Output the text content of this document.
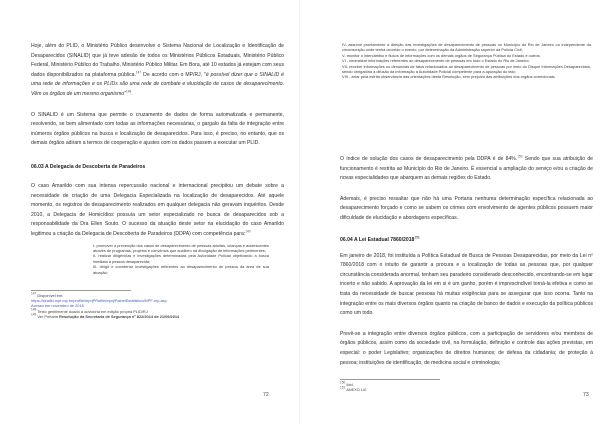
Hoje, além do PLID, o Ministério Público desenvolve o Sistema Nacional de Localização e Identificação de Desaparecidos (SINALID) que já teve adesão de todos os Ministérios Públicos Estaduais, Ministério Público Federal, Ministério Público do Trabalho, Ministério Público Militar. Em Bora, até 10 estados já estejam com seus dados disponibilizados na plataforma pública.$^{147}$ De acordo com o MP/RJ, "é possível dizer que o SINALID é uma rede de informações e os PLIDs são uma rede de combate e elucidação de casos de desaparecimento. Vêm os órgãos de um mesmo organismo"$^{148}$.

O SINALID é um Sistema que permite o cruzamento de dados de forma automatizada e permanente, resolvendo, se bem alimentado com todas as informações necessárias, o gargalo da falta de integração entre inúmeros órgãos públicos na busca e localização de desaparecidos. Para isso, é preciso, no entanto, que os demais órgãos adiram a termos de cooperação e ajustes com os dados passem a executar um PLID.

06.03 A Delegacia de Descoberta de Paradeiros

O caso Amarildo com sua intensa repercussão nacional e internacional precipitou um debate sobre a necessidade de criação de uma Delegacia Especializada na localização de desaparecidos. Até aquele momento, os registros de desaparecimento realizados em qualquer delegacia não geravam inquéritos. Desde 2010, a Delegacia de Homicídios possuía um setor especializado no busca de desaparecidos sob a responsabilidade da Dra Ellen Souto. O sucesso da atuação deste setor na elucidação do caso Amarildo legitimou a criação da Delegacia de Descoberta de Paradeiros (DDPA) com competência para:$^{149}$

I- promover a prevenção dos casos de desaparecimento de pessoas adultas, crianças e adolescentes através de programas, projetos e convênios que auxiliem na divulgação de informações pertinentes;
II- realizar diligências e investigações determinadas pela Autoridade Policial objetivando a busca imediata à pessoa desaparecida;
III- dirigir e coordenar investigações referentes ao desaparecimento de pessoa da área de sua atuação;
$^{147}$ Disponível em:
https://sinalid.mpf.mp.br/profile/mprjPRofile/mprj/PainelEstatistico/MPF-mp.asp
Acesso em novembro de 2018
$^{148}$ Texto gentilmente doado à ouvidoria em edição própria PLID/RJ
$^{149}$ Ver Portaria Resolução da Secretaria de Segurança nº 822/2014 de 21/09/2014
72
IV- assumir prontamente a direção das investigações de desaparecimento de pessoas no Município do Rio de Janeiro ou independente da circunscrição onde tenha ocorrido o evento, por determinação da Administração superior da Polícia Civil;
V- monitor o intercâmbio e fluxos de informações com os demais órgãos de Segurança Pública do Estado e outros;
VI - centralizar informações referentes ao desaparecimento de pessoas em todo o Estado do Rio de Janeiro;
VII- receber informações ou denúncias de fatos relacionados ao desaparecimento de pessoas por meio do Disque Informações Desaparecidos, sendo obrigatória a difusão da informação à Autoridade Policial competente para a apuração do fato;
VIII - zelar pela estrita observância das orientações desta Resolução, sem prejuízo das atribuições dos órgãos correcionais.

O índice de solução dos casos de desaparecimento pela DDPA é de 84%.$^{150}$ Sendo que sua atribuição de funcionamento é restrita ao Município do Rio de Janeiro. É essencial a ampliação do serviço e/ou a criação de novas especialidades que abarquem as demais regiões do Estado.

Ademais, é preciso ressaltar que não há uma Portaria nenhuma determinação específica relacionada ao desaparecimento forçado e como se sabem os crimes com envolvimento de agentes públicos possuem maior dificuldade de elucidação e abordagens específicas.

06.04 A Lei Estadual 7860/2018$^{151}$

Em janeiro de 2018, foi instituída a Política Estadual de Busca de Pessoas Desaparecidas, por meio da Lei nº 7860/2018 com o intuito de garantir a procura e a localização de todas as pessoas que, por qualquer circunstância considerada anormal, tenham seu paradeiro considerado desconhecido, encontrando-se em lugar incerto e não sabido. A aprovação da lei em si é um ganho, porém é imprescindível torná-la efetiva e como se trata da necessidade de buscar pessoas há muitas exigências para se assegurar que isso ocorra. Tanto na integração entre os mais diversos órgãos quanto na criação de banco de dados e execução da política públicos como um todo.

Prevê-se a integração entre diversos órgãos públicos, com a participação de servidores e/ou membros de órgãos públicos, assim como da sociedade civil, na formulação, definição e controle das ações previstas, em especial: o poder Legislativo; organizações de direitos humanos; de defesa da cidadania; de proteção à pessoa; instituições de identificação, de medicina social e criminologia;

$^{150}$ Ibid.
$^{151}$ ANEXO LVI
73
